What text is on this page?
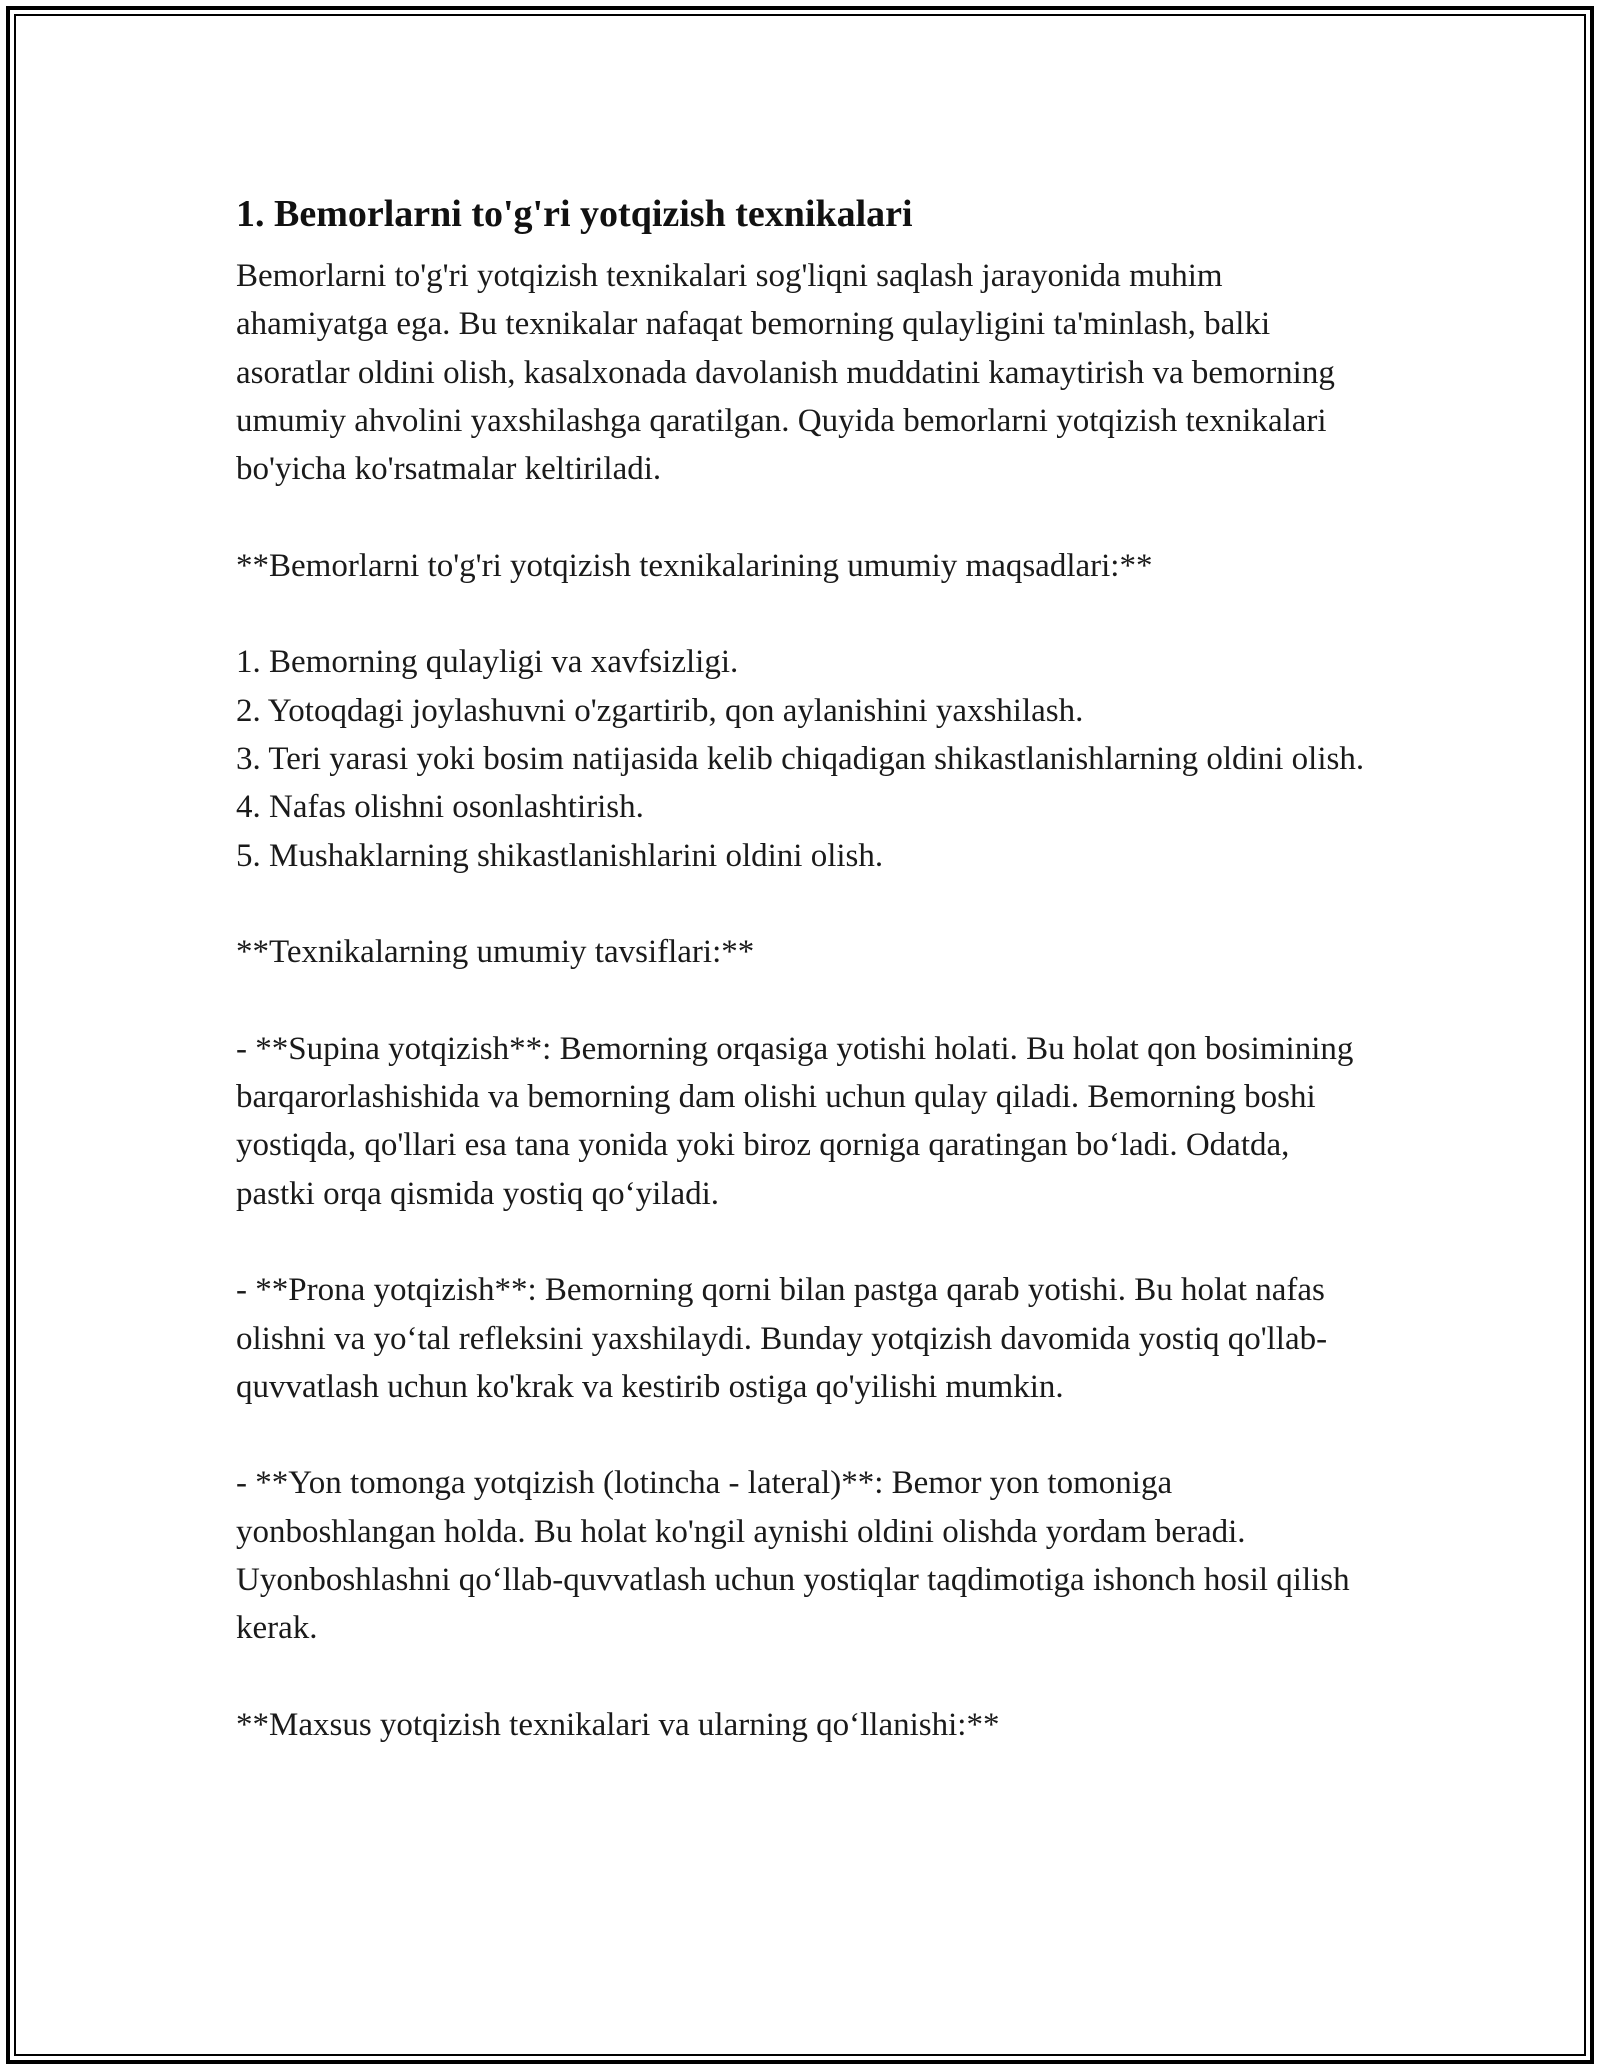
1. Bemorlarni to'g'ri yotqizish texnikalari

Bemorlarni to'g'ri yotqizish texnikalari sog'liqni saqlash jarayonida muhim ahamiyatga ega. Bu texnikalar nafaqat bemorning qulayligini ta'minlash, balki asoratlar oldini olish, kasalxonada davolanish muddatini kamaytirish va bemorning umumiy ahvolini yaxshilashga qaratilgan. Quyida bemorlarni yotqizish texnikalari bo'yicha ko'rsatmalar keltiriladi.

**Bemorlarni to'g'ri yotqizish texnikalarining umumiy maqsadlari:**

1. Bemorning qulayligi va xavfsizligi.

2. Yotoqdagi joylashuvni o'zgartirib, qon aylanishini yaxshilash.

3. Teri yarasi yoki bosim natijasida kelib chiqadigan shikastlanishlarning oldini olish.

4. Nafas olishni osonlashtirish.

5. Mushaklarning shikastlanishlarini oldini olish.

**Texnikalarning umumiy tavsiflari:**

- **Supina yotqizish**: Bemorning orqasiga yotishi holati. Bu holat qon bosimining barqarorlashishida va bemorning dam olishi uchun qulay qiladi. Bemorning boshi yostiqda, qo'llari esa tana yonida yoki biroz qorniga qaratingan bo‘ladi. Odatda, pastki orqa qismida yostiq qo‘yiladi.

- **Prona yotqizish**: Bemorning qorni bilan pastga qarab yotishi. Bu holat nafas olishni va yo‘tal refleksini yaxshilaydi. Bunday yotqizish davomida yostiq qo'llab-quvvatlash uchun ko'krak va kestirib ostiga qo'yilishi mumkin.

- **Yon tomonga yotqizish (lotincha - lateral)**: Bemor yon tomoniga yonboshlangan holda. Bu holat ko'ngil aynishi oldini olishda yordam beradi. Uyonboshlashni qo‘llab-quvvatlash uchun yostiqlar taqdimotiga ishonch hosil qilish kerak.

**Maxsus yotqizish texnikalari va ularning qo‘llanishi:**
